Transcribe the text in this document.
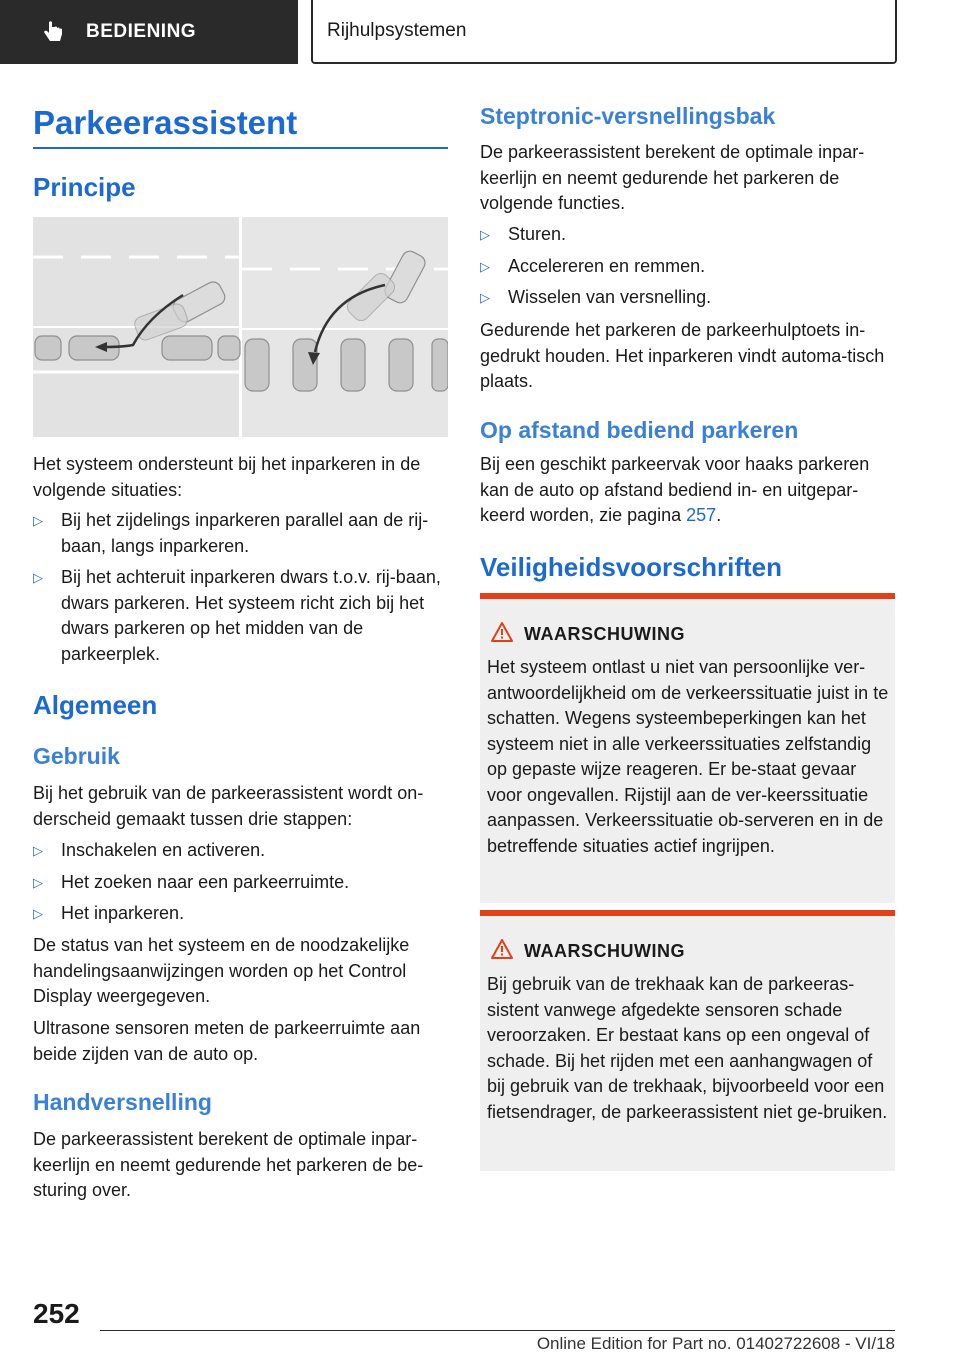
BEDIENING	Rijhulpsystemen
Parkeerassistent
Principe

Het systeem ondersteunt bij het inparkeren in de volgende situaties:

▷ Bij het zijdelings inparkeren parallel aan de rij-baan, langs inparkeren.
▷ Bij het achteruit inparkeren dwars t.o.v. rij-baan, dwars parkeren. Het systeem richt zich bij het dwars parkeren op het midden van de parkeerplek.
Algemeen
Gebruik

Bij het gebruik van de parkeerassistent wordt on-derscheid gemaakt tussen drie stappen:

▷ Inschakelen en activeren.
▷ Het zoeken naar een parkeerruimte.
▷ Het inparkeren.

De status van het systeem en de noodzakelijke handelingsaanwijzingen worden op het Control Display weergegeven.

Ultrasone sensoren meten de parkeerruimte aan beide zijden van de auto op.

Handversnelling

De parkeerassistent berekent de optimale inpar-keerlijn en neemt gedurende het parkeren de be-sturing over.

Steptronic-versnellingsbak

De parkeerassistent berekent de optimale inpar-keerlijn en neemt gedurende het parkeren de volgende functies.

▷ Sturen.
▷ Accelereren en remmen.
▷ Wisselen van versnelling.

Gedurende het parkeren de parkeerhulptoets in-gedrukt houden. Het inparkeren vindt automa-tisch plaats.

Op afstand bediend parkeren

Bij een geschikt parkeervak voor haaks parkeren kan de auto op afstand bediend in- en uitgepar-keerd worden, zie pagina 257.

Veiligheidsvoorschriften
WAARSCHUWING

Het systeem ontlast u niet van persoonlijke ver-antwoordelijkheid om de verkeerssituatie juist in te schatten. Wegens systeembeperkingen kan het systeem niet in alle verkeerssituaties zelfstandig op gepaste wijze reageren. Er be-staat gevaar voor ongevallen. Rijstijl aan de ver-keerssituatie aanpassen. Verkeerssituatie ob-serveren en in de betreffende situaties actief ingrijpen.

WAARSCHUWING

Bij gebruik van de trekhaak kan de parkeeras-sistent vanwege afgedekte sensoren schade veroorzaken. Er bestaat kans op een ongeval of schade. Bij het rijden met een aanhangwagen of bij gebruik van de trekhaak, bijvoorbeeld voor een fietsendrager, de parkeerassistent niet ge-bruiken.

252
Online Edition for Part no. 01402722608 - VI/18
